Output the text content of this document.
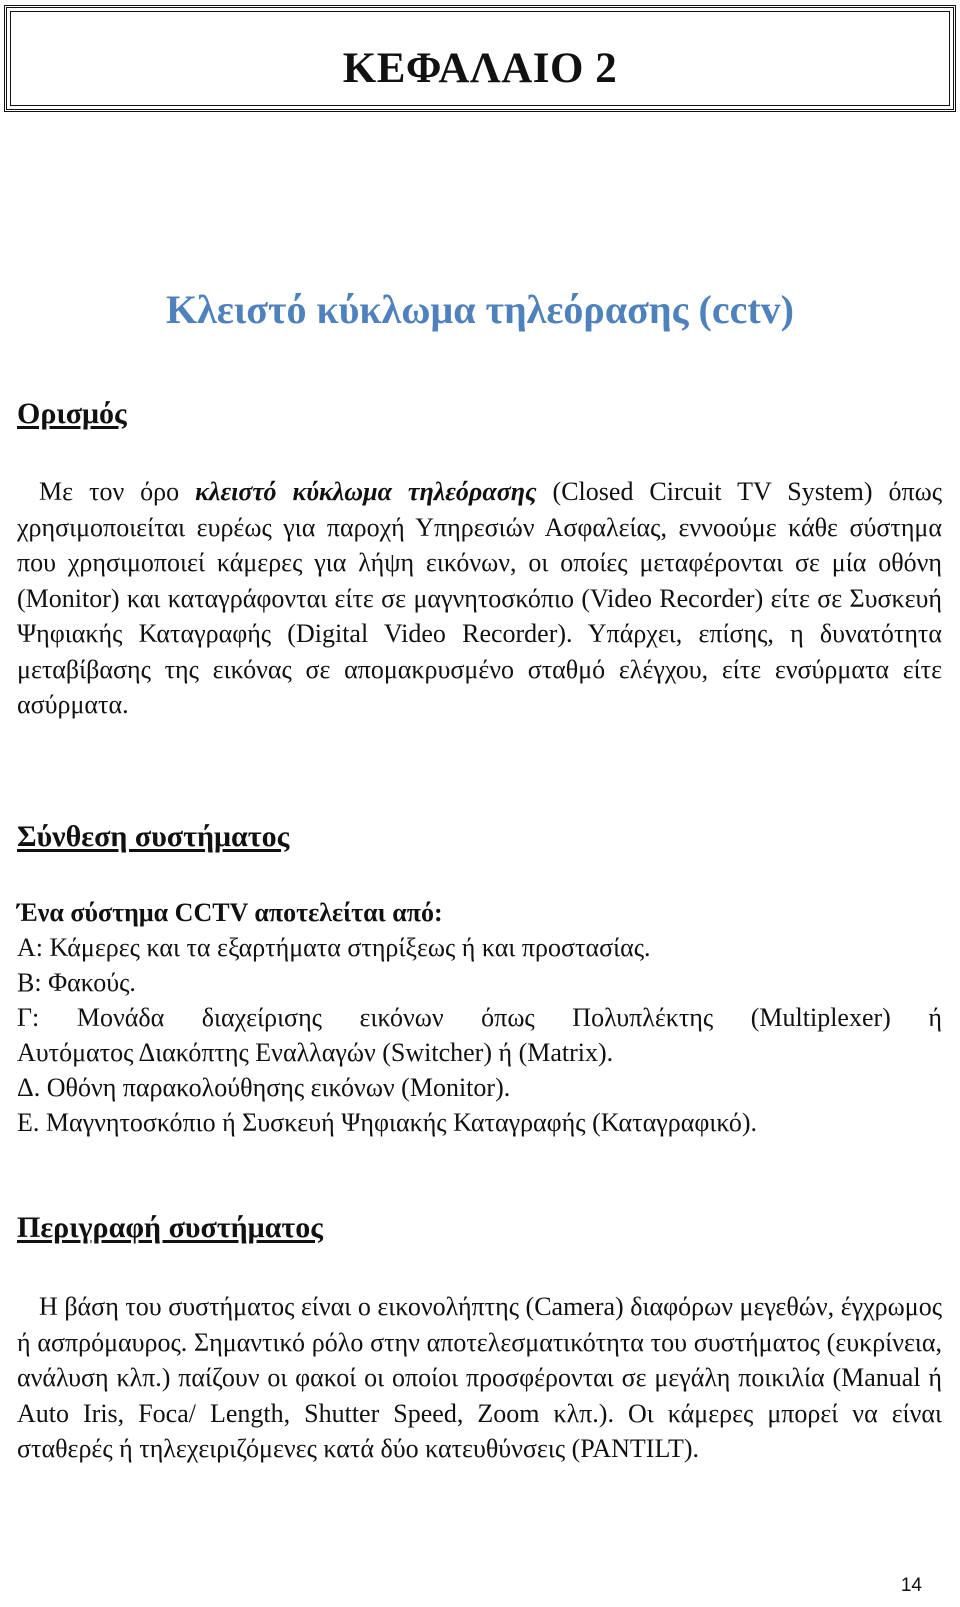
ΚΕΦΑΛΑΙΟ 2
Κλειστό κύκλωμα τηλεόρασης (cctv)
Ορισμός

Με τον όρο κλειστό κύκλωμα τηλεόρασης (Closed Circuit TV System) όπως χρησιμοποιείται ευρέως για παροχή Υπηρεσιών Ασφαλείας, εννοούμε κάθε σύστημα που χρησιμοποιεί κάμερες για λήψη εικόνων, οι οποίες μεταφέρονται σε μία οθόνη (Monitor) και καταγράφονται είτε σε μαγνητοσκόπιο (Video Recorder) είτε σε Συσκευή Ψηφιακής Καταγραφής (Digital Video Recorder). Υπάρχει, επίσης, η δυνατότητα μεταβίβασης της εικόνας σε απομακρυσμένο σταθμό ελέγχου, είτε ενσύρματα είτε ασύρματα.

Σύνθεση συστήματος
Ένα σύστημα CCTV αποτελείται από:
Α: Κάμερες και τα εξαρτήματα στηρίξεως ή και προστασίας.
Β: Φακούς.
Γ: Μονάδα διαχείρισης εικόνων όπως Πολυπλέκτης (Multiplexer) ή
Αυτόματος Διακόπτης Εναλλαγών (Switcher) ή (Matrix).
Δ. Οθόνη παρακολούθησης εικόνων (Monitor).
Ε. Μαγνητοσκόπιο ή Συσκευή Ψηφιακής Καταγραφής (Καταγραφικό).
Περιγραφή συστήματος

Η βάση του συστήματος είναι ο εικονολήπτης (Camera) διαφόρων μεγεθών, έγχρωμος ή ασπρόμαυρος. Σημαντικό ρόλο στην αποτελεσματικότητα του συστήματος (ευκρίνεια, ανάλυση κλπ.) παίζουν οι φακοί οι οποίοι προσφέρονται σε μεγάλη ποικιλία (Manual ή Auto Iris, Foca/ Length, Shutter Speed, Zoom κλπ.). Οι κάμερες μπορεί να είναι σταθερές ή τηλεχειριζόμενες κατά δύο κατευθύνσεις (PANTILT).

14
